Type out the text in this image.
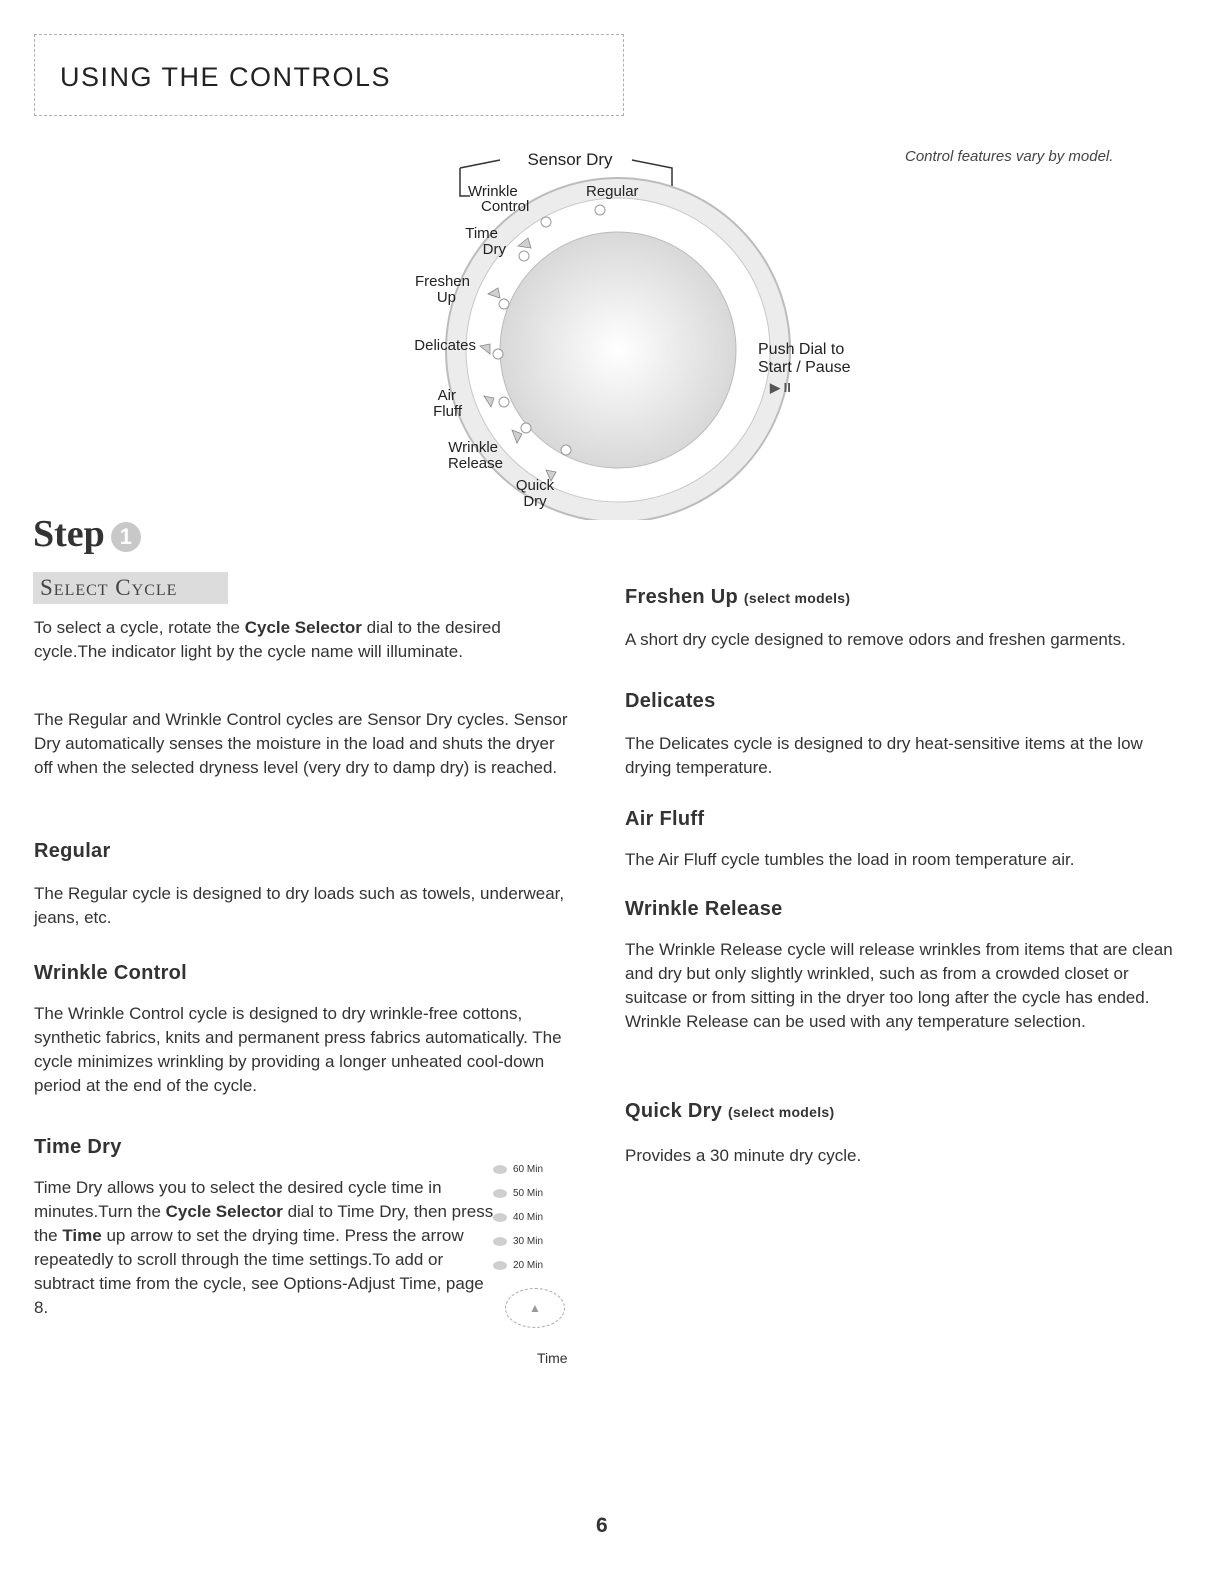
USING THE CONTROLS
Control features vary by model.
Sensor Dry
Wrinkle	Regular
Control
Time
Dry
Freshen
Up
Delicates
Air
Fluff
Wrinkle
Release
Quick
Dry
Push Dial to
Start / Pause
▶ II
Step 1
Select Cycle

To select a cycle, rotate the Cycle Selector dial to the desired cycle.The indicator light by the cycle name will illuminate.

The Regular and Wrinkle Control cycles are Sensor Dry cycles. Sensor Dry automatically senses the moisture in the load and shuts the dryer off when the selected dryness level (very dry to damp dry) is reached.

Regular

The Regular cycle is designed to dry loads such as towels, underwear, jeans, etc.

Wrinkle Control

The Wrinkle Control cycle is designed to dry wrinkle-free cottons, synthetic fabrics, knits and permanent press fabrics automatically. The cycle minimizes wrinkling by providing a longer unheated cool-down period at the end of the cycle.

Time Dry

Time Dry allows you to select the desired cycle time in minutes.Turn the Cycle Selector dial to Time Dry, then press the Time up arrow to set the drying time. Press the arrow repeatedly to scroll through the time settings.To add or subtract time from the cycle, see Options-Adjust Time, page 8.

60 Min
50 Min
40 Min
30 Min
20 Min
▲
Time
Freshen Up (select models)

A short dry cycle designed to remove odors and freshen garments.

Delicates

The Delicates cycle is designed to dry heat-sensitive items at the low drying temperature.

Air Fluff

The Air Fluff cycle tumbles the load in room temperature air.

Wrinkle Release

The Wrinkle Release cycle will release wrinkles from items that are clean and dry but only slightly wrinkled, such as from a crowded closet or suitcase or from sitting in the dryer too long after the cycle has ended. Wrinkle Release can be used with any temperature selection.

Quick Dry (select models)

Provides a 30 minute dry cycle.

6
